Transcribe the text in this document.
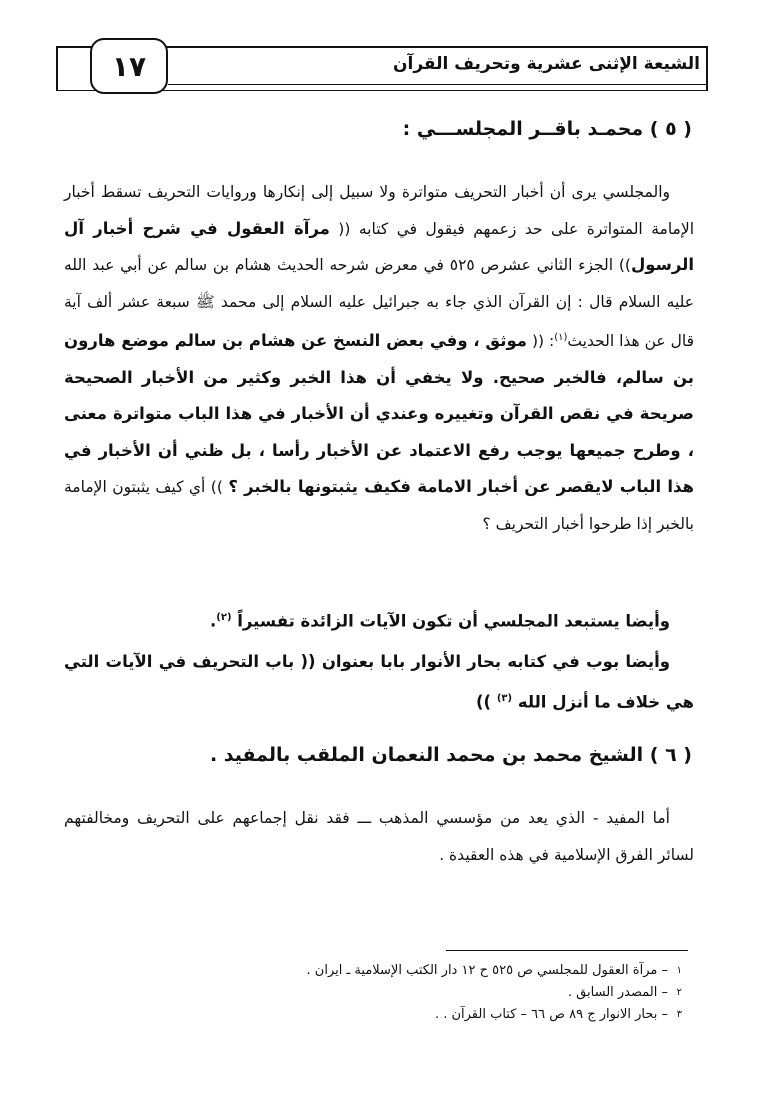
١٧	الشيعة الإثنى عشرية وتحريف القرآن

( ٥ ) محمـد باقــر المجلســـي :

والمجلسي يرى أن أخبار التحريف متواترة ولا سبيل إلى إنكارها وروايات التحريف تسقط أخبار الإمامة المتواترة على حد زعمهم فيقول في كتابه (( مرآة العقول في شرح أخبار آل الرسول)) الجزء الثاني عشرص ٥٢٥ في معرض شرحه الحديث هشام بن سالم عن أبي عبد الله عليه السلام قال : إن القرآن الذي جاء به جبرائيل عليه السلام إلى محمد ﷺ سبعة عشر ألف آية قال عن هذا الحديث$^{(١)}$: (( موثق ، وفي بعض النسخ عن هشام بن سالم موضع هارون بن سالم، فالخبر صحيح. ولا يخفي أن هذا الخبر وكثير من الأخبار الصحيحة صريحة في نقص القرآن وتغييره وعندي أن الأخبار في هذا الباب متواترة معنى ، وطرح جميعها يوجب رفع الاعتماد عن الأخبار رأسا ، بل ظني أن الأخبار في هذا الباب لايقصر عن أخبار الامامة فكيف يثبتونها بالخبر ؟ )) أي كيف يثبتون الإمامة بالخبر إذا طرحوا أخبار التحريف ؟

وأيضا يستبعد المجلسي أن تكون الآيات الزائدة تفسيراً $^{(٢)}$.

وأيضا بوب في كتابه بحار الأنوار بابا بعنوان (( باب التحريف في الآيات التي هي خلاف ما أنزل الله $^{(٣)}$ ))

( ٦ ) الشيخ محمد بن محمد النعمان الملقب بالمفيد .

أما المفيد - الذي يعد من مؤسسي المذهب ـــ فقد نقل إجماعهم على التحريف ومخالفتهم لسائر الفرق الإسلامية في هذه العقيدة .

١
– مرآة العقول للمجلسي ص ٥٢٥ ح ١٢ دار الكتب الإسلامية ـ ايران .
٢
– المصدر السابق .
٣
– بحار الانوار ج ٨٩ ص ٦٦ – كتاب القرآن . .
